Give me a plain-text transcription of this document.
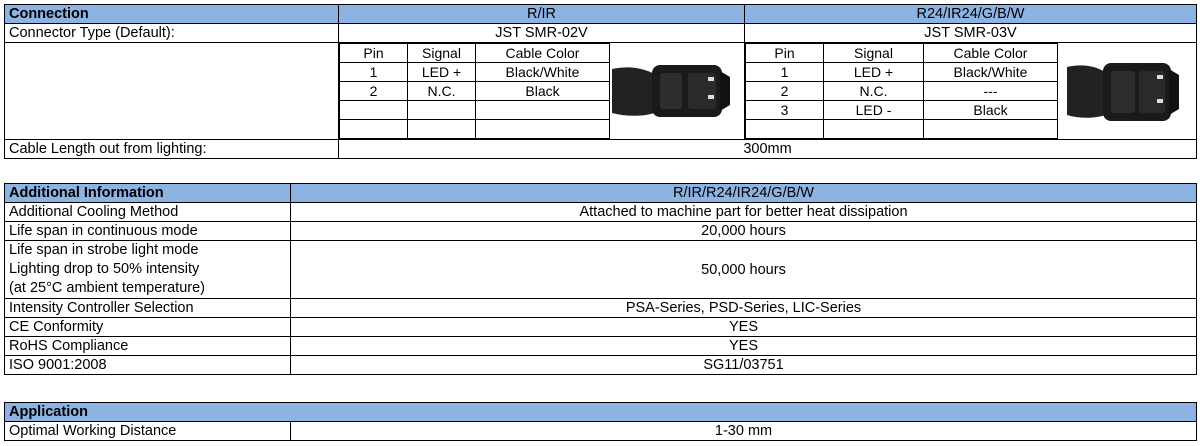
Connection	R/IR	R24/IR24/G/B/W
Connector Type (Default):	JST SMR-02V	JST SMR-03V

Pin	Signal	Cable Color
1	LED +	Black/White
2	N.C.	Black

Pin	Signal	Cable Color
1	LED +	Black/White
2	N.C.	---
3	LED -	Black

Cable Length out from lighting:	300mm
Additional Information	R/IR/R24/IR24/G/B/W
Additional Cooling Method	Attached to machine part for better heat dissipation
Life span in continuous mode	20,000 hours
Life span in strobe light mode
Lighting drop to 50% intensity
(at 25°C ambient temperature)	50,000 hours
Intensity Controller Selection	PSA-Series, PSD-Series, LIC-Series
CE Conformity	YES
RoHS Compliance	YES
ISO 9001:2008	SG11/03751
Application
Optimal Working Distance	1-30 mm
